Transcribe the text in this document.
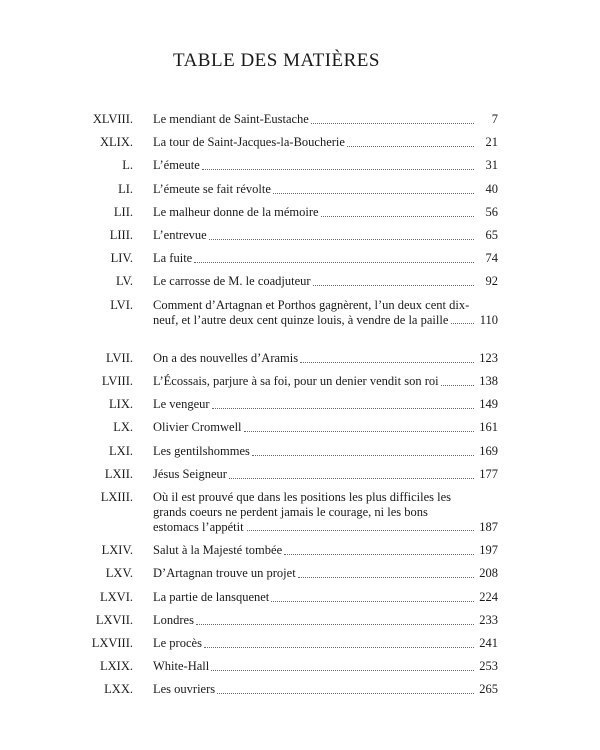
TABLE DES MATIÈRES
XLVIII.	Le mendiant de Saint-Eustache	7
XLIX.	La tour de Saint-Jacques-la-Boucherie	21
L.	L’émeute	31
LI.	L’émeute se fait révolte	40
LII.	Le malheur donne de la mémoire	56
LIII.	L’entrevue	65
LIV.	La fuite	74
LV.	Le carrosse de M. le coadjuteur	92
LVI.	Comment d’Artagnan et Porthos gagnèrent, l’un deux cent dix-neuf, et l’autre deux cent quinze louis, à vendre de la paille	110
LVII.	On a des nouvelles d’Aramis	123
LVIII.	L’Écossais, parjure à sa foi, pour un denier vendit son roi	138
LIX.	Le vengeur	149
LX.	Olivier Cromwell	161
LXI.	Les gentilshommes	169
LXII.	Jésus Seigneur	177
LXIII.	Où il est prouvé que dans les positions les plus difficiles les grands coeurs ne perdent jamais le courage, ni les bons estomacs l’appétit	187
LXIV.	Salut à la Majesté tombée	197
LXV.	D’Artagnan trouve un projet	208
LXVI.	La partie de lansquenet	224
LXVII.	Londres	233
LXVIII.	Le procès	241
LXIX.	White-Hall	253
LXX.	Les ouvriers	265
